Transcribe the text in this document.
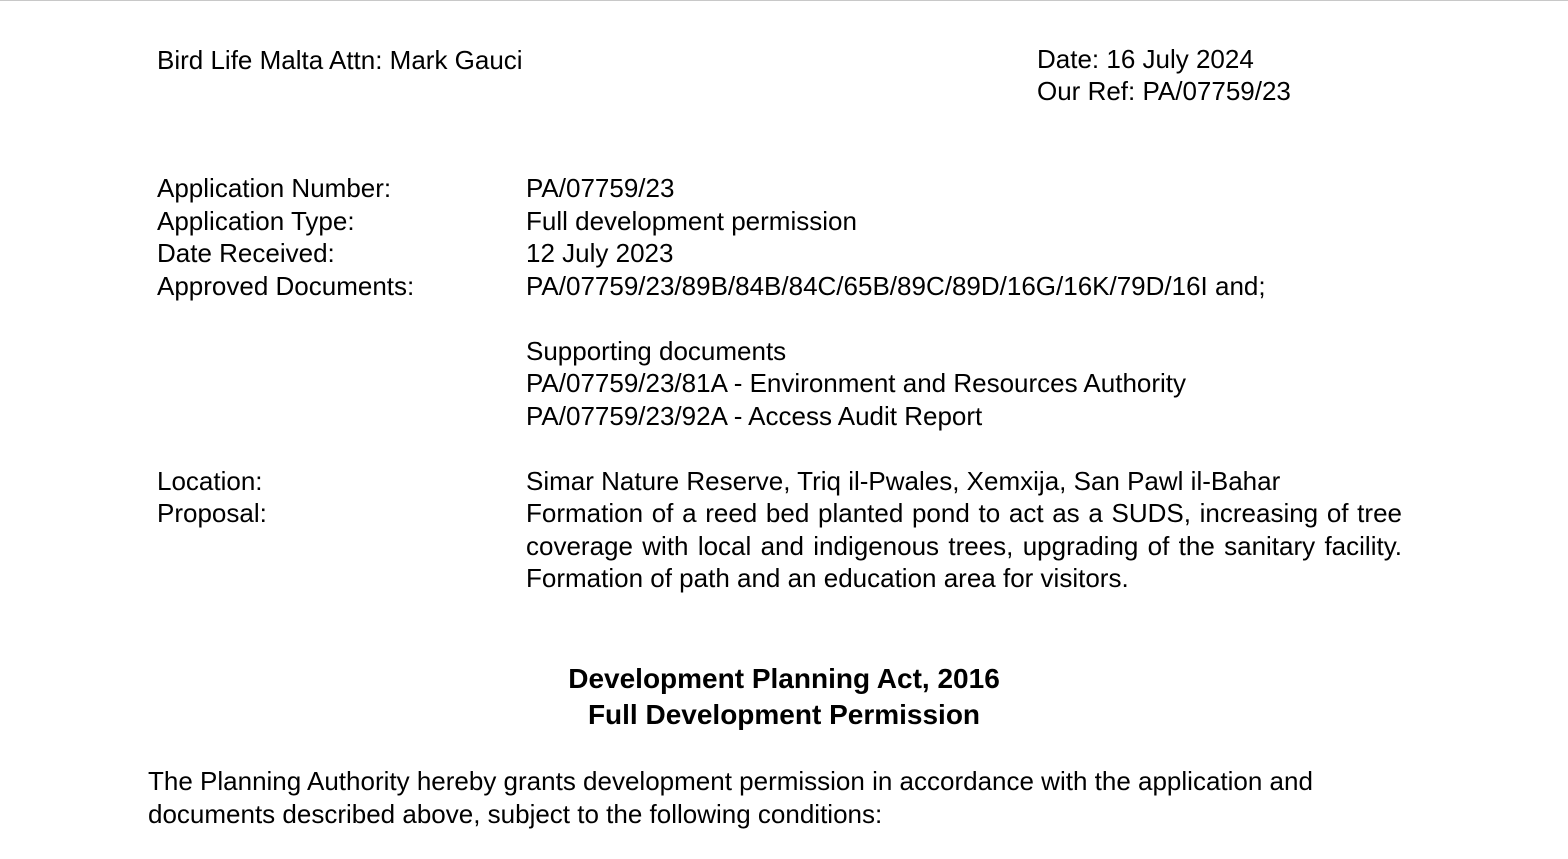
Bird Life Malta Attn: Mark Gauci	Date: 16 July 2024
Our Ref: PA/07759/23
Application Number:	PA/07759/23
Application Type:	Full development permission
Date Received:	12 July 2023
Approved Documents:	PA/07759/23/89B/84B/84C/65B/89C/89D/16G/16K/79D/16I and;
Supporting documents
PA/07759/23/81A - Environment and Resources Authority
PA/07759/23/92A - Access Audit Report
Location:	Simar Nature Reserve, Triq il-Pwales, Xemxija, San Pawl il-Bahar
Proposal:	Formation of a reed bed planted pond to act as a SUDS, increasing of tree coverage with local and indigenous trees, upgrading of the sanitary facility. Formation of path and an education area for visitors.
Development Planning Act, 2016
Full Development Permission
The Planning Authority hereby grants development permission in accordance with the application and documents described above, subject to the following conditions:
